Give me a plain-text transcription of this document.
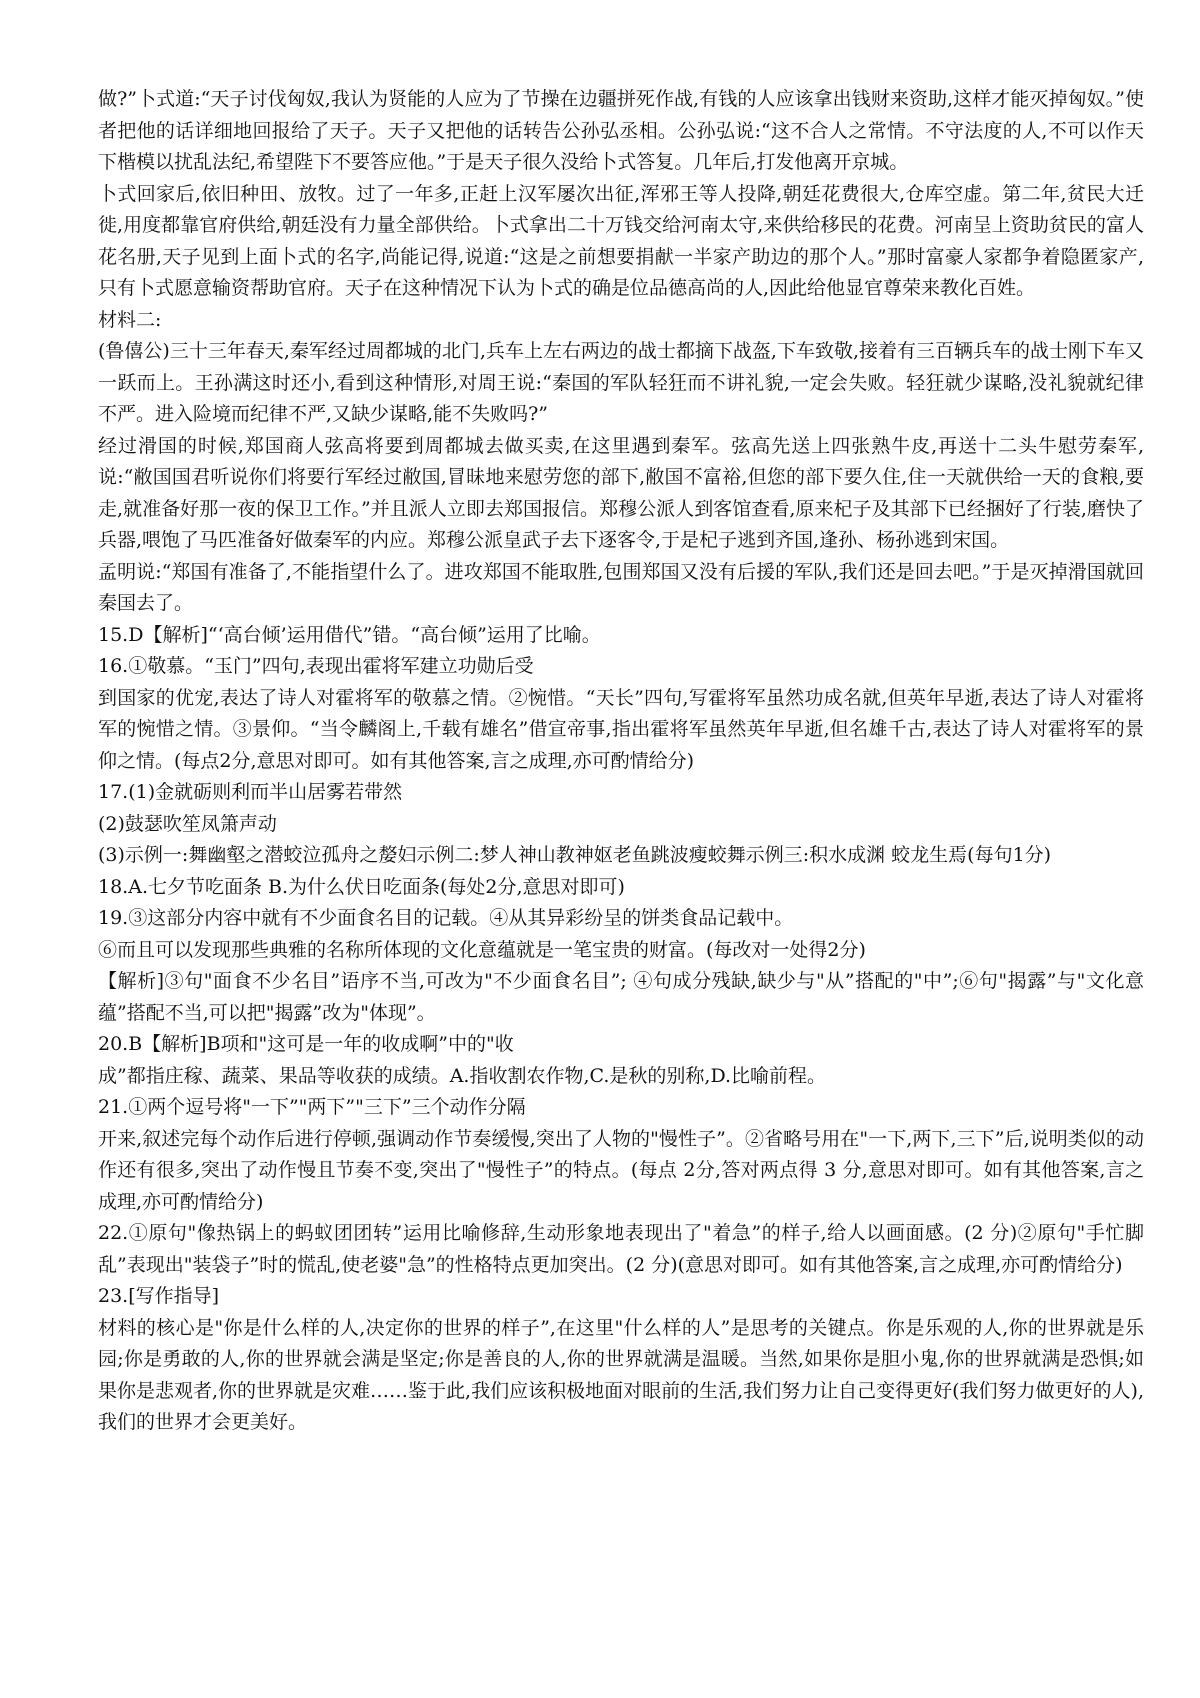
做?”卜式道:“天子讨伐匈奴,我认为贤能的人应为了节操在边疆拼死作战,有钱的人应该拿出钱财来资助,这样才能灭掉匈奴。”使者把他的话详细地回报给了天子。天子又把他的话转告公孙弘丞相。公孙弘说:“这不合人之常情。不守法度的人,不可以作天下楷模以扰乱法纪,希望陛下不要答应他。”于是天子很久没给卜式答复。几年后,打发他离开京城。

卜式回家后,依旧种田、放牧。过了一年多,正赶上汉军屡次出征,浑邪王等人投降,朝廷花费很大,仓库空虚。第二年,贫民大迁徙,用度都靠官府供给,朝廷没有力量全部供给。卜式拿出二十万钱交给河南太守,来供给移民的花费。河南呈上资助贫民的富人花名册,天子见到上面卜式的名字,尚能记得,说道:“这是之前想要捐献一半家产助边的那个人。”那时富豪人家都争着隐匿家产,只有卜式愿意输资帮助官府。天子在这种情况下认为卜式的确是位品德高尚的人,因此给他显官尊荣来教化百姓。

材料二:

(鲁僖公)三十三年春天,秦军经过周都城的北门,兵车上左右两边的战士都摘下战盔,下车致敬,接着有三百辆兵车的战士刚下车又一跃而上。王孙满这时还小,看到这种情形,对周王说:“秦国的军队轻狂而不讲礼貌,一定会失败。轻狂就少谋略,没礼貌就纪律不严。进入险境而纪律不严,又缺少谋略,能不失败吗?”

经过滑国的时候,郑国商人弦高将要到周都城去做买卖,在这里遇到秦军。弦高先送上四张熟牛皮,再送十二头牛慰劳秦军,说:“敝国国君听说你们将要行军经过敝国,冒昧地来慰劳您的部下,敝国不富裕,但您的部下要久住,住一天就供给一天的食粮,要走,就准备好那一夜的保卫工作。”并且派人立即去郑国报信。郑穆公派人到客馆查看,原来杞子及其部下已经捆好了行装,磨快了兵器,喂饱了马匹准备好做秦军的内应。郑穆公派皇武子去下逐客令,于是杞子逃到齐国,逢孙、杨孙逃到宋国。

孟明说:“郑国有准备了,不能指望什么了。进攻郑国不能取胜,包围郑国又没有后援的军队,我们还是回去吧。”于是灭掉滑国就回秦国去了。

15.D【解析]“‘高台倾’运用借代”错。“高台倾”运用了比喻。

16.①敬慕。“玉门”四句,表现出霍将军建立功勋后受

到国家的优宠,表达了诗人对霍将军的敬慕之情。②惋惜。“天长”四句,写霍将军虽然功成名就,但英年早逝,表达了诗人对霍将军的惋惜之情。③景仰。“当令麟阁上,千载有雄名”借宣帝事,指出霍将军虽然英年早逝,但名雄千古,表达了诗人对霍将军的景仰之情。(每点2分,意思对即可。如有其他答案,言之成理,亦可酌情给分)

17.(1)金就砺则利而半山居雾若带然

(2)鼓瑟吹笙凤箫声动

(3)示例一:舞幽壑之潜蛟泣孤舟之嫠妇示例二:梦人神山教神妪老鱼跳波瘦蛟舞示例三:积水成渊 蛟龙生焉(每句1分)

18.A.七夕节吃面条 B.为什么伏日吃面条(每处2分,意思对即可)

19.③这部分内容中就有不少面食名目的记载。④从其异彩纷呈的饼类食品记载中。

⑥而且可以发现那些典雅的名称所体现的文化意蕴就是一笔宝贵的财富。(每改对一处得2分)

【解析]③句"面食不少名目”语序不当,可改为"不少面食名目”; ④句成分残缺,缺少与"从”搭配的"中”;⑥句"揭露”与"文化意蕴”搭配不当,可以把"揭露”改为"体现”。

20.B【解析]B项和"这可是一年的收成啊”中的"收

成”都指庄稼、蔬菜、果品等收获的成绩。A.指收割农作物,C.是秋的别称,D.比喻前程。

21.①两个逗号将"一下”"两下”"三下”三个动作分隔

开来,叙述完每个动作后进行停顿,强调动作节奏缓慢,突出了人物的"慢性子”。②省略号用在"一下,两下,三下”后,说明类似的动作还有很多,突出了动作慢且节奏不变,突出了"慢性子”的特点。(每点 2分,答对两点得 3 分,意思对即可。如有其他答案,言之成理,亦可酌情给分)

22.①原句"像热锅上的蚂蚁团团转”运用比喻修辞,生动形象地表现出了"着急”的样子,给人以画面感。(2 分)②原句"手忙脚乱”表现出"装袋子”时的慌乱,使老婆"急”的性格特点更加突出。(2 分)(意思对即可。如有其他答案,言之成理,亦可酌情给分)

23.[写作指导]

材料的核心是"你是什么样的人,决定你的世界的样子”,在这里"什么样的人”是思考的关键点。你是乐观的人,你的世界就是乐园;你是勇敢的人,你的世界就会满是坚定;你是善良的人,你的世界就满是温暖。当然,如果你是胆小鬼,你的世界就满是恐惧;如果你是悲观者,你的世界就是灾难……鉴于此,我们应该积极地面对眼前的生活,我们努力让自己变得更好(我们努力做更好的人),我们的世界才会更美好。
